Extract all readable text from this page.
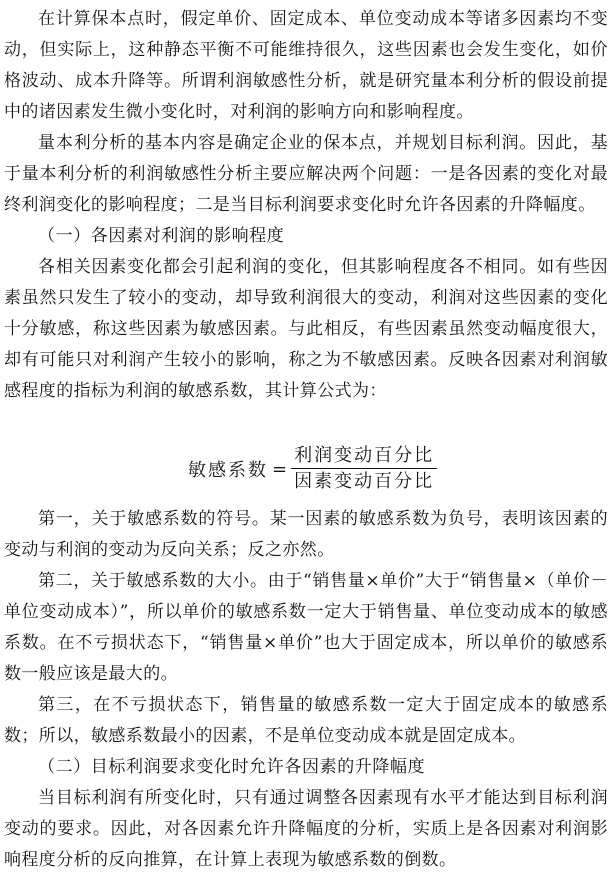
在计算保本点时，假定单价、固定成本、单位变动成本等诸多因素均不变动，但实际上，这种静态平衡不可能维持很久，这些因素也会发生变化，如价格波动、成本升降等。所谓利润敏感性分析，就是研究量本利分析的假设前提中的诸因素发生微小变化时，对利润的影响方向和影响程度。

量本利分析的基本内容是确定企业的保本点，并规划目标利润。因此，基于量本利分析的利润敏感性分析主要应解决两个问题：一是各因素的变化对最终利润变化的影响程度；二是当目标利润要求变化时允许各因素的升降幅度。

（一）各因素对利润的影响程度

各相关因素变化都会引起利润的变化，但其影响程度各不相同。如有些因素虽然只发生了较小的变动，却导致利润很大的变动，利润对这些因素的变化十分敏感，称这些因素为敏感因素。与此相反，有些因素虽然变动幅度很大，却有可能只对利润产生较小的影响，称之为不敏感因素。反映各因素对利润敏感程度的指标为利润的敏感系数，其计算公式为：

敏感系数 = $\frac{\text{利润变动百分比}}{\text{因素变动百分比}}$

第一，关于敏感系数的符号。某一因素的敏感系数为负号，表明该因素的变动与利润的变动为反向关系；反之亦然。

第二，关于敏感系数的大小。由于“销售量×单价”大于“销售量×（单价－单位变动成本）”，所以单价的敏感系数一定大于销售量、单位变动成本的敏感系数。在不亏损状态下，“销售量×单价”也大于固定成本，所以单价的敏感系数一般应该是最大的。

第三，在不亏损状态下，销售量的敏感系数一定大于固定成本的敏感系数；所以，敏感系数最小的因素，不是单位变动成本就是固定成本。

（二）目标利润要求变化时允许各因素的升降幅度

当目标利润有所变化时，只有通过调整各因素现有水平才能达到目标利润变动的要求。因此，对各因素允许升降幅度的分析，实质上是各因素对利润影响程度分析的反向推算，在计算上表现为敏感系数的倒数。
